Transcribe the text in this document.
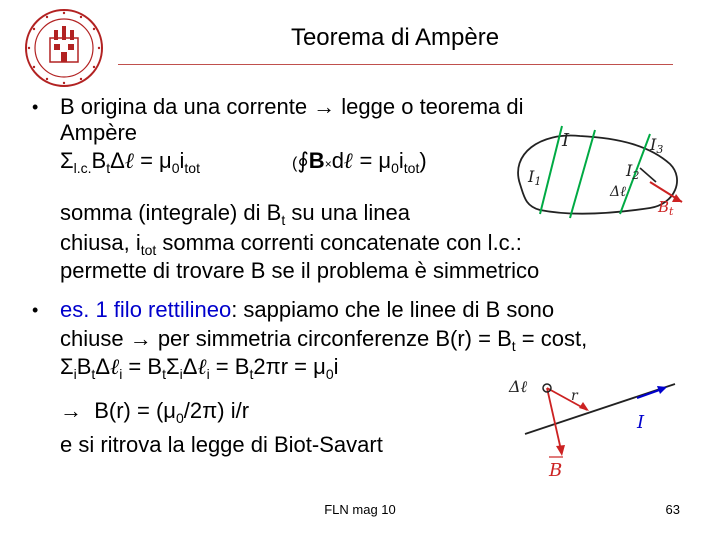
Teorema di Ampère
• B origina da una corrente → legge o teorema di
Ampère
$\Sigma_{l.c.}B_t\Delta\ell = \mu_0i_{tot}$	(∮B×dℓ = $\mu_0i_{tot}$)
somma (integrale) di $B_t$ su una linea
chiusa, $i_{tot}$ somma correnti concatenate con l.c.:
permette di trovare B se il problema è simmetrico
• es. 1 filo rettilineo: sappiamo che le linee di B sono
chiuse → per simmetria circonferenze $B(r) = B_t = \cos t$,
$\Sigma_iB_t\Delta\ell_i$ = $B_t\Sigma_i\Delta\ell_i = B_t2\pi r = \mu_0i$
→  $B(r) = (\mu_0/2\pi)$ i/r
e si ritrova la legge di Biot-Savart
I
I1
I2
I3
Δℓ
$B_t$
Δℓ	r
I
B
FLN mag 10	63
